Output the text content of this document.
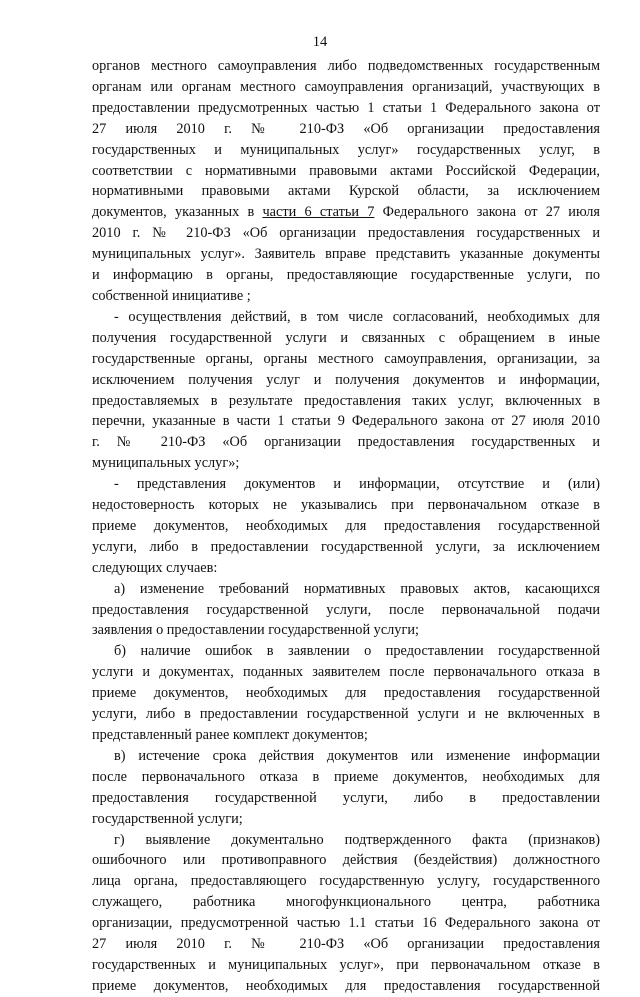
14
органов местного самоуправления либо подведомственных государственным
органам или органам местного самоуправления организаций, участвующих в
предоставлении предусмотренных частью 1 статьи 1 Федерального закона от
27 июля 2010 г. № 210-ФЗ «Об организации предоставления
государственных и муниципальных услуг» государственных услуг, в
соответствии с нормативными правовыми актами Российской Федерации,
нормативными правовыми актами Курской области, за исключением
документов, указанных в части 6 статьи 7 Федерального закона от 27 июля
2010 г. № 210-ФЗ «Об организации предоставления государственных и
муниципальных услуг». Заявитель вправе представить указанные документы
и информацию в органы, предоставляющие государственные услуги, по
собственной инициативе ;
- осуществления действий, в том числе согласований, необходимых для
получения государственной услуги и связанных с обращением в иные
государственные органы, органы местного самоуправления, организации, за
исключением получения услуг и получения документов и информации,
предоставляемых в результате предоставления таких услуг, включенных в
перечни, указанные в части 1 статьи 9 Федерального закона от 27 июля 2010
г. № 210-ФЗ «Об организации предоставления государственных и
муниципальных услуг»;
- представления документов и информации, отсутствие и (или)
недостоверность которых не указывались при первоначальном отказе в
приеме документов, необходимых для предоставления государственной
услуги, либо в предоставлении государственной услуги, за исключением
следующих случаев:
а) изменение требований нормативных правовых актов, касающихся
предоставления государственной услуги, после первоначальной подачи
заявления о предоставлении государственной услуги;
б) наличие ошибок в заявлении о предоставлении государственной
услуги и документах, поданных заявителем после первоначального отказа в
приеме документов, необходимых для предоставления государственной
услуги, либо в предоставлении государственной услуги и не включенных в
представленный ранее комплект документов;
в) истечение срока действия документов или изменение информации
после первоначального отказа в приеме документов, необходимых для
предоставления государственной услуги, либо в предоставлении
государственной услуги;
г) выявление документально подтвержденного факта (признаков)
ошибочного или противоправного действия (бездействия) должностного
лица органа, предоставляющего государственную услугу, государственного
служащего, работника многофункционального центра, работника
организации, предусмотренной частью 1.1 статьи 16 Федерального закона от
27 июля 2010 г. № 210-ФЗ «Об организации предоставления
государственных и муниципальных услуг», при первоначальном отказе в
приеме документов, необходимых для предоставления государственной
